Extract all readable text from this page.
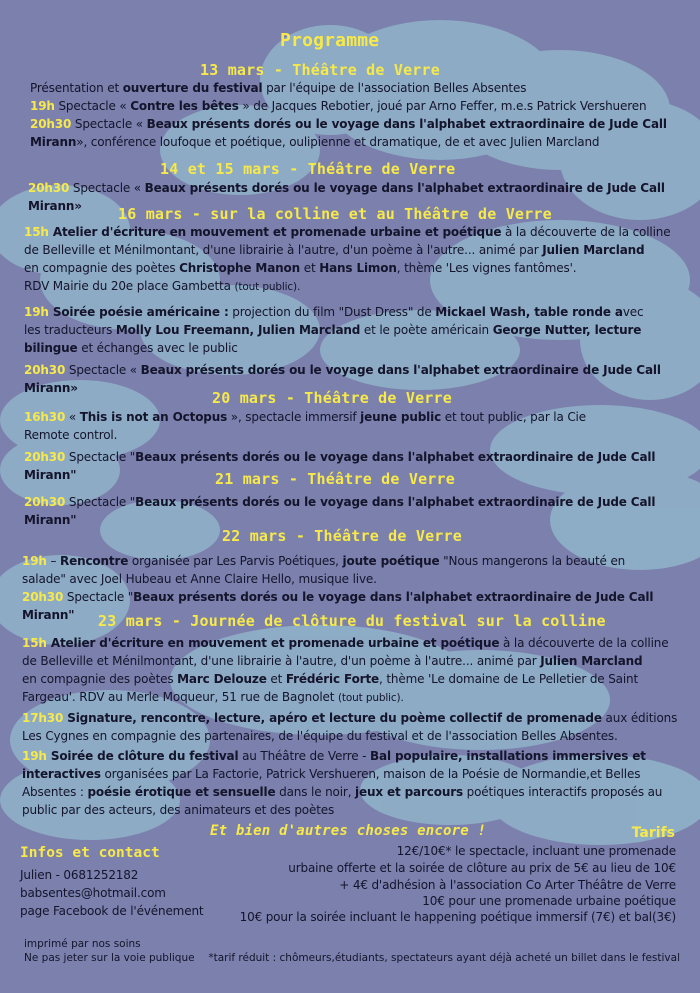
Programme
13 mars - Théâtre de Verre
Présentation et ouverture du festival par l'équipe de l'association Belles Absentes
19h Spectacle « Contre les bêtes » de Jacques Rebotier, joué par Arno Feffer, m.e.s Patrick Vershueren
20h30 Spectacle « Beaux présents dorés ou le voyage dans l'alphabet extraordinaire de Jude Call
Mirann», conférence loufoque et poétique, oulipienne et dramatique, de et avec Julien Marcland
14 et 15 mars - Théâtre de Verre
20h30 Spectacle « Beaux présents dorés ou le voyage dans l'alphabet extraordinaire de Jude Call
Mirann» 16 mars - sur la colline et au Théâtre de Verre
15h Atelier d'écriture en mouvement et promenade urbaine et poétique à la découverte de la colline
de Belleville et Ménilmontant, d'une librairie à l'autre, d'un poème à l'autre... animé par Julien Marcland
en compagnie des poètes Christophe Manon et Hans Limon, thème 'Les vignes fantômes'.
RDV Mairie du 20e place Gambetta (tout public).
19h Soirée poésie américaine : projection du film "Dust Dress" de Mickael Wash, table ronde avec
les traducteurs Molly Lou Freemann, Julien Marcland et le poète américain George Nutter, lecture
bilingue et échanges avec le public
20h30 Spectacle « Beaux présents dorés ou le voyage dans l'alphabet extraordinaire de Jude Call
Mirann»
20 mars - Théâtre de Verre
16h30 « This is not an Octopus », spectacle immersif jeune public et tout public, par la Cie
Remote control.
20h30 Spectacle "Beaux présents dorés ou le voyage dans l'alphabet extraordinaire de Jude Call
Mirann"	21 mars - Théâtre de Verre
20h30 Spectacle "Beaux présents dorés ou le voyage dans l'alphabet extraordinaire de Jude Call
Mirann"
22 mars - Théâtre de Verre
19h – Rencontre organisée par Les Parvis Poétiques, joute poétique "Nous mangerons la beauté en
salade" avec Joel Hubeau et Anne Claire Hello, musique live.
20h30 Spectacle "Beaux présents dorés ou le voyage dans l'alphabet extraordinaire de Jude Call
Mirann" 23 mars - Journée de clôture du festival sur la colline
15h Atelier d'écriture en mouvement et promenade urbaine et poétique à la découverte de la colline
de Belleville et Ménilmontant, d'une librairie à l'autre, d'un poème à l'autre... animé par Julien Marcland
en compagnie des poètes Marc Delouze et Frédéric Forte, thème 'Le domaine de Le Pelletier de Saint
Fargeau'. RDV au Merle Moqueur, 51 rue de Bagnolet (tout public).
17h30 Signature, rencontre, lecture, apéro et lecture du poème collectif de promenade aux éditions
Les Cygnes en compagnie des partenaires, de l'équipe du festival et de l'association Belles Absentes.
19h Soirée de clôture du festival au Théâtre de Verre - Bal populaire, installations immersives et
interactives organisées par La Factorie, Patrick Vershueren, maison de la Poésie de Normandie,et Belles
Absentes : poésie érotique et sensuelle dans le noir, jeux et parcours poétiques interactifs proposés au
public par des acteurs, des animateurs et des poètes
Et bien d'autres choses encore !
Infos et contact
Julien - 0681252182
babsentes@hotmail.com
page Facebook de l'événement
Tarifs
12€/10€* le spectacle, incluant une promenade
urbaine offerte et la soirée de clôture au prix de 5€ au lieu de 10€
+ 4€ d'adhésion à l'association Co Arter Théâtre de Verre
10€ pour une promenade urbaine poétique
10€ pour la soirée incluant le happening poétique immersif (7€) et bal(3€)
imprimé par nos soins
Ne pas jeter sur la voie publique *tarif réduit : chômeurs,étudiants, spectateurs ayant déjà acheté un billet dans le festival
